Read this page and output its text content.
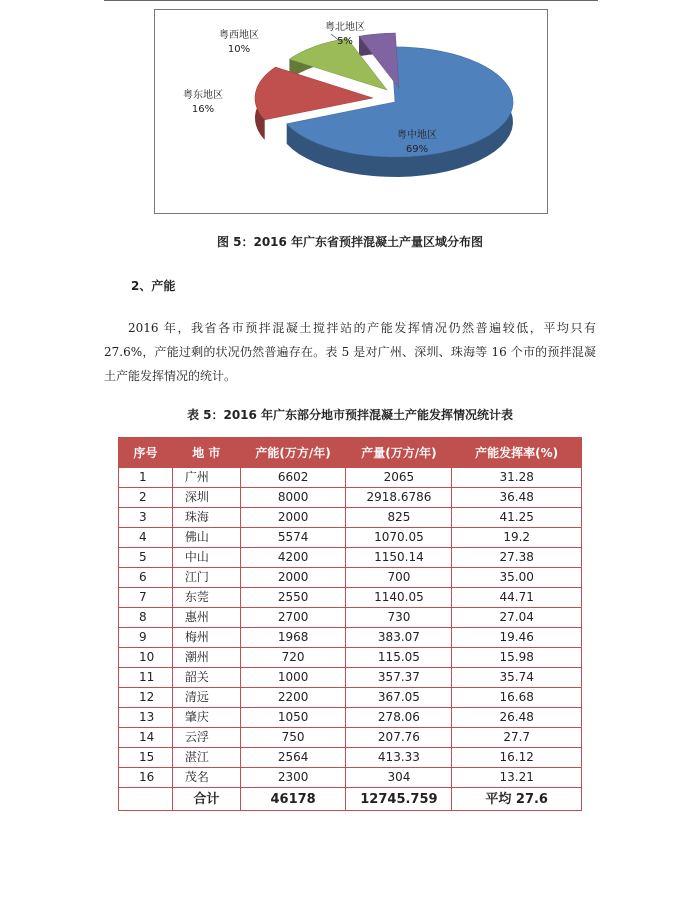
粤中地区
69%
粤东地区
16%
粤西地区
10%
粤北地区
5%
图 5：2016 年广东省预拌混凝土产量区域分布图
2、产能
2016 年，我省各市预拌混凝土搅拌站的产能发挥情况仍然普遍较低，平均只有 27.6%，产能过剩的状况仍然普遍存在。表 5 是对广州、深圳、珠海等 16 个市的预拌混凝土产能发挥情况的统计。
表 5：2016 年广东部分地市预拌混凝土产能发挥情况统计表
序号	地 市	产能(万方/年)	产量(万方/年)	产能发挥率(%)
1	广州	6602	2065	31.28
2	深圳	8000	2918.6786	36.48
3	珠海	2000	825	41.25
4	佛山	5574	1070.05	19.2
5	中山	4200	1150.14	27.38
6	江门	2000	700	35.00
7	东莞	2550	1140.05	44.71
8	惠州	2700	730	27.04
9	梅州	1968	383.07	19.46
10	潮州	720	115.05	15.98
11	韶关	1000	357.37	35.74
12	清远	2200	367.05	16.68
13	肇庆	1050	278.06	26.48
14	云浮	750	207.76	27.7
15	湛江	2564	413.33	16.12
16	茂名	2300	304	13.21
	合计	46178	12745.759	平均 27.6
